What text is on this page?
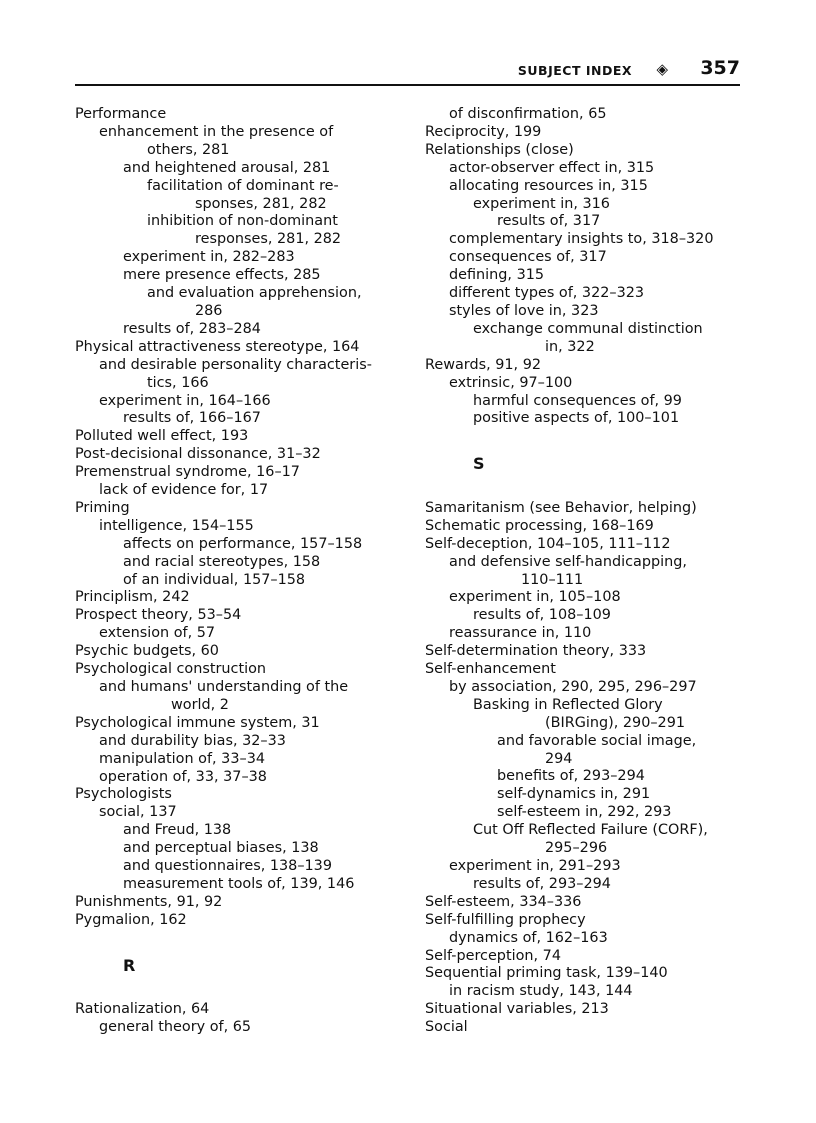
SUBJECT INDEX ◈ 357
Performance
enhancement in the presence of
others, 281
and heightened arousal, 281
facilitation of dominant re-
sponses, 281, 282
inhibition of non-dominant
responses, 281, 282
experiment in, 282–283
mere presence effects, 285
and evaluation apprehension,
286
results of, 283–284
Physical attractiveness stereotype, 164
and desirable personality characteris-
tics, 166
experiment in, 164–166
results of, 166–167
Polluted well effect, 193
Post-decisional dissonance, 31–32
Premenstrual syndrome, 16–17
lack of evidence for, 17
Priming
intelligence, 154–155
affects on performance, 157–158
and racial stereotypes, 158
of an individual, 157–158
Principlism, 242
Prospect theory, 53–54
extension of, 57
Psychic budgets, 60
Psychological construction
and humans' understanding of the
world, 2
Psychological immune system, 31
and durability bias, 32–33
manipulation of, 33–34
operation of, 33, 37–38
Psychologists
social, 137
and Freud, 138
and perceptual biases, 138
and questionnaires, 138–139
measurement tools of, 139, 146
Punishments, 91, 92
Pygmalion, 162
R
Rationalization, 64
general theory of, 65
of disconfirmation, 65
Reciprocity, 199
Relationships (close)
actor-observer effect in, 315
allocating resources in, 315
experiment in, 316
results of, 317
complementary insights to, 318–320
consequences of, 317
defining, 315
different types of, 322–323
styles of love in, 323
exchange communal distinction
in, 322
Rewards, 91, 92
extrinsic, 97–100
harmful consequences of, 99
positive aspects of, 100–101
S
Samaritanism (see Behavior, helping)
Schematic processing, 168–169
Self-deception, 104–105, 111–112
and defensive self-handicapping,
110–111
experiment in, 105–108
results of, 108–109
reassurance in, 110
Self-determination theory, 333
Self-enhancement
by association, 290, 295, 296–297
Basking in Reflected Glory
(BIRGing), 290–291
and favorable social image,
294
benefits of, 293–294
self-dynamics in, 291
self-esteem in, 292, 293
Cut Off Reflected Failure (CORF),
295–296
experiment in, 291–293
results of, 293–294
Self-esteem, 334–336
Self-fulfilling prophecy
dynamics of, 162–163
Self-perception, 74
Sequential priming task, 139–140
in racism study, 143, 144
Situational variables, 213
Social
